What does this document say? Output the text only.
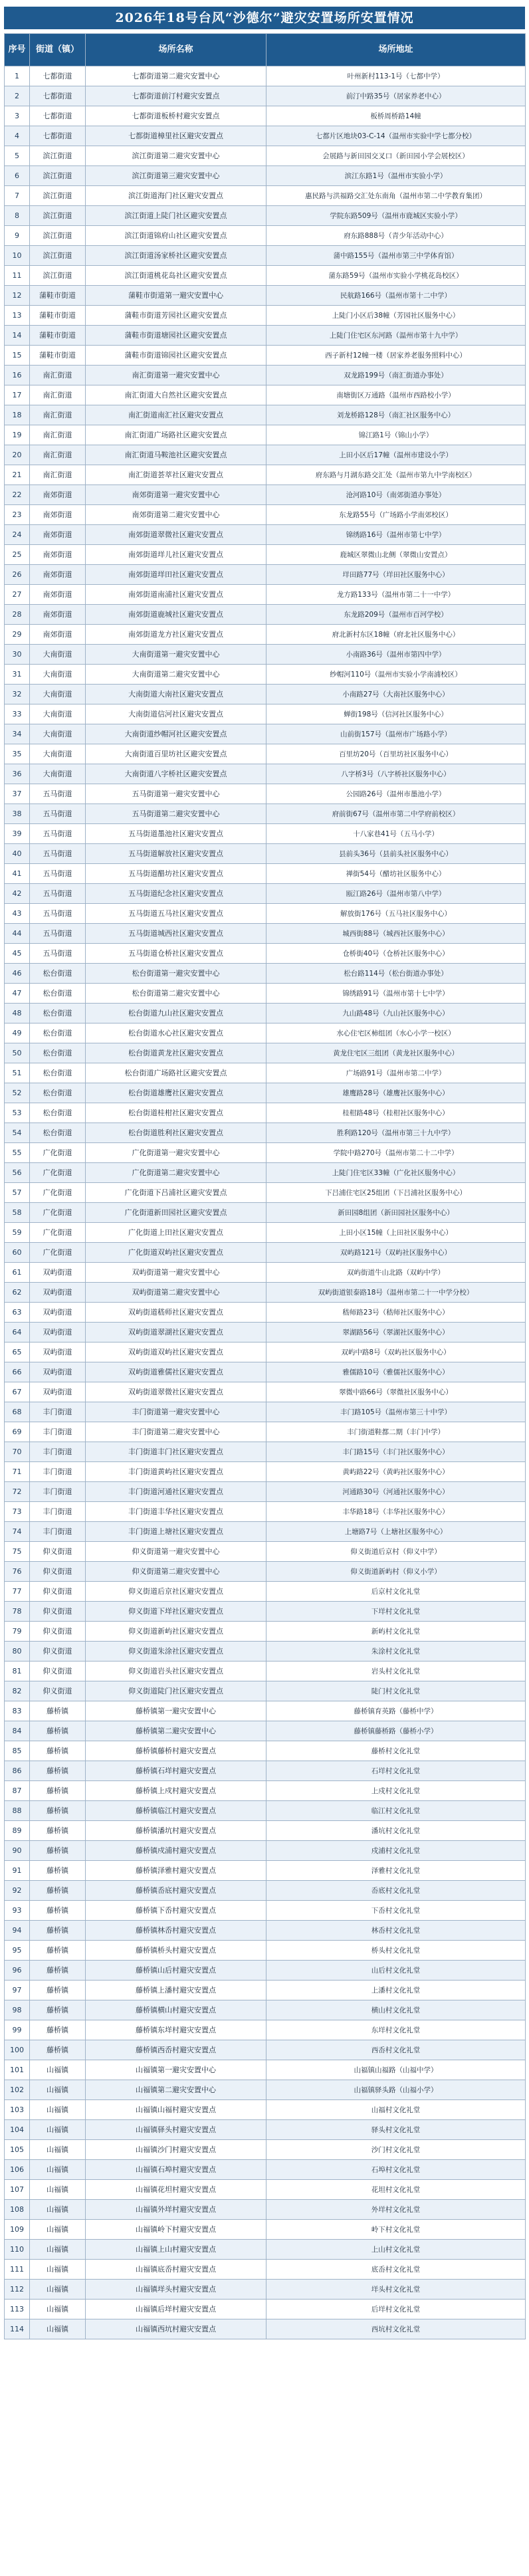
2026年18号台风“沙德尔”避灾安置场所安置情况
序号	街道（镇）	场所名称	场所地址
1	七都街道	七都街道第二避灾安置中心	叶州新村113-1号（七都中学）
2	七都街道	七都街道前汀村避灾安置点	前汀中路35号（居家养老中心）
3	七都街道	七都街道板桥村避灾安置点	板桥周桥路14幢
4	七都街道	七都街道樟里社区避灾安置点	七都片区地块03-C-14（温州市实验中学七都分校）
5	滨江街道	滨江街道第二避灾安置中心	会展路与新田园交叉口（新田园小学会展校区）
6	滨江街道	滨江街道第三避灾安置中心	滨江东路1号（温州市实验小学）
7	滨江街道	滨江街道海门社区避灾安置点	惠民路与洪福路交汇处东南角（温州市第二中学教育集团）
8	滨江街道	滨江街道上陡门社区避灾安置点	学院东路509号（温州市鹿城区实验小学）
9	滨江街道	滨江街道锦府山社区避灾安置点	府东路888号（青少年活动中心）
10	滨江街道	滨江街道汤家桥社区避灾安置点	蒲中路155号（温州市第三中学体育馆）
11	滨江街道	滨江街道桃花岛社区避灾安置点	蒲东路59号（温州市实验小学桃花岛校区）
12	蒲鞋市街道	蒲鞋市街道第一避灾安置中心	民航路166号（温州市第十二中学）
13	蒲鞋市街道	蒲鞋市街道芳园社区避灾安置点	上陡门小区后38幢（芳园社区服务中心）
14	蒲鞋市街道	蒲鞋市街道塘园社区避灾安置点	上陡门住宅区东河路（温州市第十九中学）
15	蒲鞋市街道	蒲鞋市街道锦园社区避灾安置点	西子新村12幢一楼（居家养老服务照料中心）
16	南汇街道	南汇街道第一避灾安置中心	双龙路199号（南汇街道办事处）
17	南汇街道	南汇街道大自然社区避灾安置点	南塘街区万通路（温州市西路校小学）
18	南汇街道	南汇街道南汇社区避灾安置点	刘龙桥路128号（南汇社区服务中心）
19	南汇街道	南汇街道广场路社区避灾安置点	锦江路1号（锦山小学）
20	南汇街道	南汇街道马鞍池社区避灾安置点	上田小区后17幢（温州市建设小学）
21	南汇街道	南汇街道荟萃社区避灾安置点	府东路与月湖东路交汇处（温州市第九中学南校区）
22	南郊街道	南郊街道第一避灾安置中心	沧河路10号（南郊街道办事处）
23	南郊街道	南郊街道第二避灾安置中心	东龙路55号（广场路小学南郊校区）
24	南郊街道	南郊街道翠微社区避灾安置点	锦绣路16号（温州市第七中学）
25	南郊街道	南郊街道垟儿社区避灾安置点	鹿城区翠微山北侧（翠微山安置点）
26	南郊街道	南郊街道垟田社区避灾安置点	垟田路77号（垟田社区服务中心）
27	南郊街道	南郊街道南浦社区避灾安置点	龙方路133号（温州市第二十一中学）
28	南郊街道	南郊街道鹿城社区避灾安置点	东龙路209号（温州市百河学校）
29	南郊街道	南郊街道龙方社区避灾安置点	府北新村东区18幢（府北社区服务中心）
30	大南街道	大南街道第一避灾安置中心	小南路36号（温州市第四中学）
31	大南街道	大南街道第二避灾安置中心	纱帽河110号（温州市实验小学南浦校区）
32	大南街道	大南街道大南社区避灾安置点	小南路27号（大南社区服务中心）
33	大南街道	大南街道信河社区避灾安置点	蝉街198号（信河社区服务中心）
34	大南街道	大南街道纱帽河社区避灾安置点	山前街157号（温州市广场路小学）
35	大南街道	大南街道百里坊社区避灾安置点	百里坊20号（百里坊社区服务中心）
36	大南街道	大南街道八字桥社区避灾安置点	八字桥3号（八字桥社区服务中心）
37	五马街道	五马街道第一避灾安置中心	公园路26号（温州市墨池小学）
38	五马街道	五马街道第二避灾安置中心	府前街67号（温州市第二中学府前校区）
39	五马街道	五马街道墨池社区避灾安置点	十八家巷41号（五马小学）
40	五马街道	五马街道解放社区避灾安置点	县前头36号（县前头社区服务中心）
41	五马街道	五马街道醋坊社区避灾安置点	禅街54号（醋坊社区服务中心）
42	五马街道	五马街道纪念社区避灾安置点	瓯江路26号（温州市第八中学）
43	五马街道	五马街道五马社区避灾安置点	解放街176号（五马社区服务中心）
44	五马街道	五马街道城西社区避灾安置点	城西街88号（城西社区服务中心）
45	五马街道	五马街道仓桥社区避灾安置点	仓桥街40号（仓桥社区服务中心）
46	松台街道	松台街道第一避灾安置中心	松台路114号（松台街道办事处）
47	松台街道	松台街道第二避灾安置中心	锦绣路91号（温州市第十七中学）
48	松台街道	松台街道九山社区避灾安置点	九山路48号（九山社区服务中心）
49	松台街道	松台街道水心社区避灾安置点	水心住宅区柿组团（水心小学一校区）
50	松台街道	松台街道黄龙社区避灾安置点	黄龙住宅区三组团（黄龙社区服务中心）
51	松台街道	松台街道广场路社区避灾安置点	广场路91号（温州市第二中学）
52	松台街道	松台街道雄鹰社区避灾安置点	雄鹰路28号（雄鹰社区服务中心）
53	松台街道	松台街道桂柑社区避灾安置点	桂柑路48号（桂柑社区服务中心）
54	松台街道	松台街道胜利社区避灾安置点	胜利路120号（温州市第三十九中学）
55	广化街道	广化街道第一避灾安置中心	学院中路270号（温州市第二十二中学）
56	广化街道	广化街道第二避灾安置中心	上陡门住宅区33幢（广化社区服务中心）
57	广化街道	广化街道下吕浦社区避灾安置点	下吕浦住宅区25组团（下吕浦社区服务中心）
58	广化街道	广化街道新田园社区避灾安置点	新田园8组团（新田园社区服务中心）
59	广化街道	广化街道上田社区避灾安置点	上田小区15幢（上田社区服务中心）
60	广化街道	广化街道双屿社区避灾安置点	双屿路121号（双屿社区服务中心）
61	双屿街道	双屿街道第一避灾安置中心	双屿街道牛山北路（双屿中学）
62	双屿街道	双屿街道第二避灾安置中心	双屿街道银泰路18号（温州市第二十一中学分校）
63	双屿街道	双屿街道嵇师社区避灾安置点	嵇师路23号（嵇师社区服务中心）
64	双屿街道	双屿街道翠湖社区避灾安置点	翠湖路56号（翠湖社区服务中心）
65	双屿街道	双屿街道双屿社区避灾安置点	双屿中路8号（双屿社区服务中心）
66	双屿街道	双屿街道雅儒社区避灾安置点	雅儒路10号（雅儒社区服务中心）
67	双屿街道	双屿街道翠微社区避灾安置点	翠微中路66号（翠微社区服务中心）
68	丰门街道	丰门街道第一避灾安置中心	丰门路105号（温州市第三十中学）
69	丰门街道	丰门街道第二避灾安置中心	丰门街道鞋都二期（丰门中学）
70	丰门街道	丰门街道丰门社区避灾安置点	丰门路15号（丰门社区服务中心）
71	丰门街道	丰门街道黄屿社区避灾安置点	黄屿路22号（黄屿社区服务中心）
72	丰门街道	丰门街道河通社区避灾安置点	河通路30号（河通社区服务中心）
73	丰门街道	丰门街道丰华社区避灾安置点	丰华路18号（丰华社区服务中心）
74	丰门街道	丰门街道上塘社区避灾安置点	上塘路7号（上塘社区服务中心）
75	仰义街道	仰义街道第一避灾安置中心	仰义街道后京村（仰义中学）
76	仰义街道	仰义街道第二避灾安置中心	仰义街道新屿村（仰义小学）
77	仰义街道	仰义街道后京社区避灾安置点	后京村文化礼堂
78	仰义街道	仰义街道下垟社区避灾安置点	下垟村文化礼堂
79	仰义街道	仰义街道新屿社区避灾安置点	新屿村文化礼堂
80	仰义街道	仰义街道朱涂社区避灾安置点	朱涂村文化礼堂
81	仰义街道	仰义街道岩头社区避灾安置点	岩头村文化礼堂
82	仰义街道	仰义街道陡门社区避灾安置点	陡门村文化礼堂
83	藤桥镇	藤桥镇第一避灾安置中心	藤桥镇育英路（藤桥中学）
84	藤桥镇	藤桥镇第二避灾安置中心	藤桥镇藤桥路（藤桥小学）
85	藤桥镇	藤桥镇藤桥村避灾安置点	藤桥村文化礼堂
86	藤桥镇	藤桥镇石垟村避灾安置点	石垟村文化礼堂
87	藤桥镇	藤桥镇上戍村避灾安置点	上戍村文化礼堂
88	藤桥镇	藤桥镇临江村避灾安置点	临江村文化礼堂
89	藤桥镇	藤桥镇潘坑村避灾安置点	潘坑村文化礼堂
90	藤桥镇	藤桥镇戍浦村避灾安置点	戍浦村文化礼堂
91	藤桥镇	藤桥镇泽雅村避灾安置点	泽雅村文化礼堂
92	藤桥镇	藤桥镇岙底村避灾安置点	岙底村文化礼堂
93	藤桥镇	藤桥镇下岙村避灾安置点	下岙村文化礼堂
94	藤桥镇	藤桥镇林岙村避灾安置点	林岙村文化礼堂
95	藤桥镇	藤桥镇桥头村避灾安置点	桥头村文化礼堂
96	藤桥镇	藤桥镇山后村避灾安置点	山后村文化礼堂
97	藤桥镇	藤桥镇上潘村避灾安置点	上潘村文化礼堂
98	藤桥镇	藤桥镇横山村避灾安置点	横山村文化礼堂
99	藤桥镇	藤桥镇东垟村避灾安置点	东垟村文化礼堂
100	藤桥镇	藤桥镇西岙村避灾安置点	西岙村文化礼堂
101	山福镇	山福镇第一避灾安置中心	山福镇山福路（山福中学）
102	山福镇	山福镇第二避灾安置中心	山福镇驿头路（山福小学）
103	山福镇	山福镇山福村避灾安置点	山福村文化礼堂
104	山福镇	山福镇驿头村避灾安置点	驿头村文化礼堂
105	山福镇	山福镇沙门村避灾安置点	沙门村文化礼堂
106	山福镇	山福镇石埠村避灾安置点	石埠村文化礼堂
107	山福镇	山福镇花坦村避灾安置点	花坦村文化礼堂
108	山福镇	山福镇外垟村避灾安置点	外垟村文化礼堂
109	山福镇	山福镇岭下村避灾安置点	岭下村文化礼堂
110	山福镇	山福镇上山村避灾安置点	上山村文化礼堂
111	山福镇	山福镇底岙村避灾安置点	底岙村文化礼堂
112	山福镇	山福镇垟头村避灾安置点	垟头村文化礼堂
113	山福镇	山福镇后垟村避灾安置点	后垟村文化礼堂
114	山福镇	山福镇西坑村避灾安置点	西坑村文化礼堂
